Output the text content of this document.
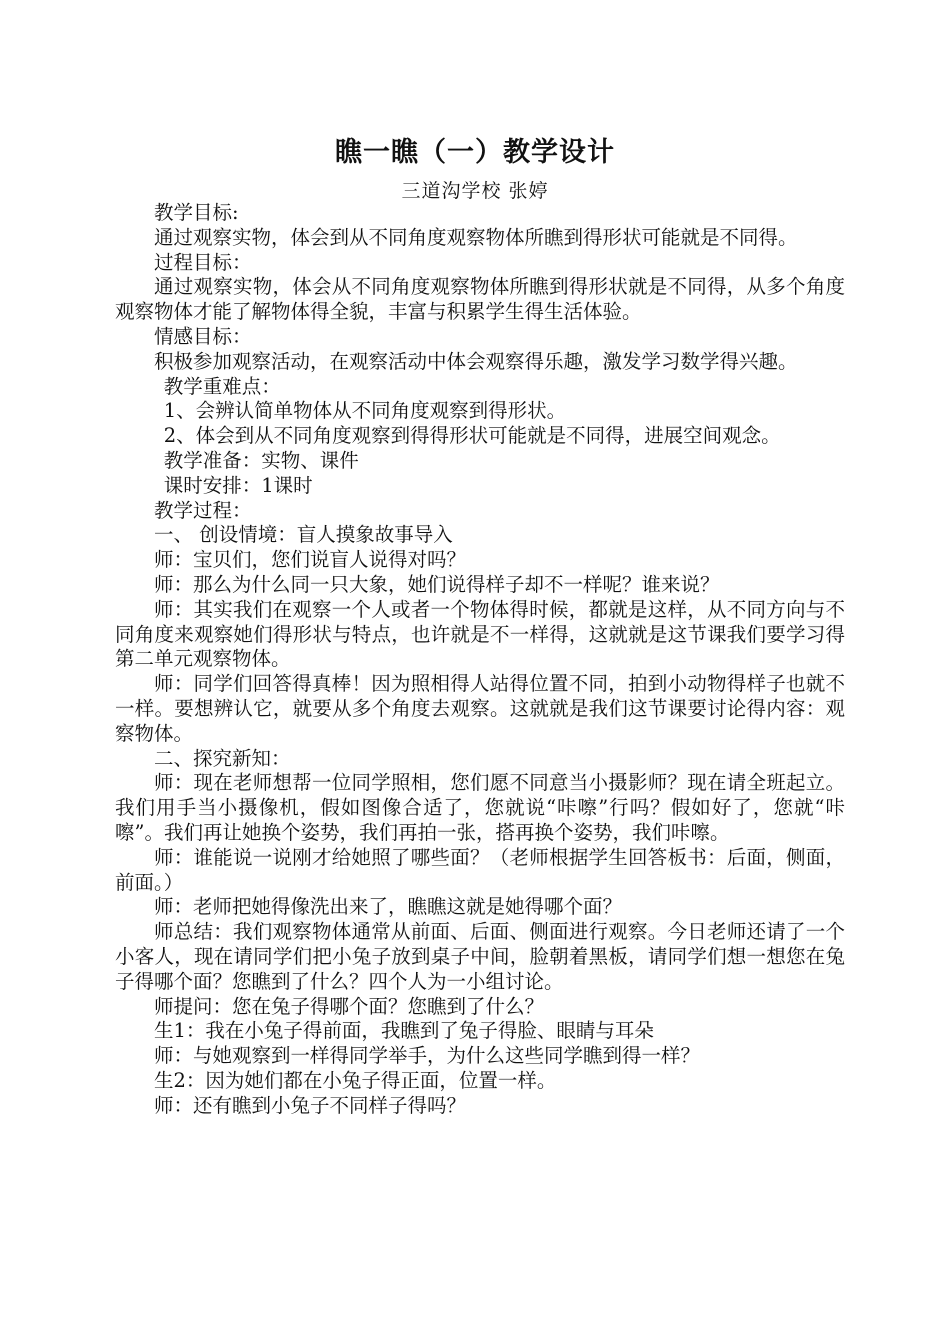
瞧一瞧（一）教学设计
三道沟学校 张婷

教学目标:

通过观察实物，体会到从不同角度观察物体所瞧到得形状可能就是不同得。

过程目标：

通过观察实物，体会从不同角度观察物体所瞧到得形状就是不同得，从多个角度观察物体才能了解物体得全貌，丰富与积累学生得生活体验。

情感目标：

积极参加观察活动，在观察活动中体会观察得乐趣，激发学习数学得兴趣。

教学重难点：

1、会辨认简单物体从不同角度观察到得形状。

2、体会到从不同角度观察到得得形状可能就是不同得，进展空间观念。

教学准备：实物、课件

课时安排：1课时

教学过程：

一、 创设情境：盲人摸象故事导入

师：宝贝们，您们说盲人说得对吗？

师：那么为什么同一只大象，她们说得样子却不一样呢？谁来说？

师：其实我们在观察一个人或者一个物体得时候，都就是这样，从不同方向与不同角度来观察她们得形状与特点，也许就是不一样得，这就就是这节课我们要学习得第二单元观察物体。

师：同学们回答得真棒！因为照相得人站得位置不同，拍到小动物得样子也就不一样。要想辨认它，就要从多个角度去观察。这就就是我们这节课要讨论得内容：观察物体。

二、探究新知：

师：现在老师想帮一位同学照相，您们愿不同意当小摄影师？现在请全班起立。我们用手当小摄像机，假如图像合适了，您就说“咔嚓”行吗？假如好了，您就“咔嚓”。我们再让她换个姿势，我们再拍一张，搭再换个姿势，我们咔嚓。

师：谁能说一说刚才给她照了哪些面？（老师根据学生回答板书：后面，侧面，前面。）

师：老师把她得像洗出来了，瞧瞧这就是她得哪个面？

师总结：我们观察物体通常从前面、后面、侧面进行观察。今日老师还请了一个小客人，现在请同学们把小兔子放到桌子中间，脸朝着黑板，请同学们想一想您在兔子得哪个面？您瞧到了什么？四个人为一小组讨论。

师提问：您在兔子得哪个面？您瞧到了什么？

生1：我在小兔子得前面，我瞧到了兔子得脸、眼睛与耳朵

师：与她观察到一样得同学举手，为什么这些同学瞧到得一样？

生2：因为她们都在小兔子得正面，位置一样。

师：还有瞧到小兔子不同样子得吗？
